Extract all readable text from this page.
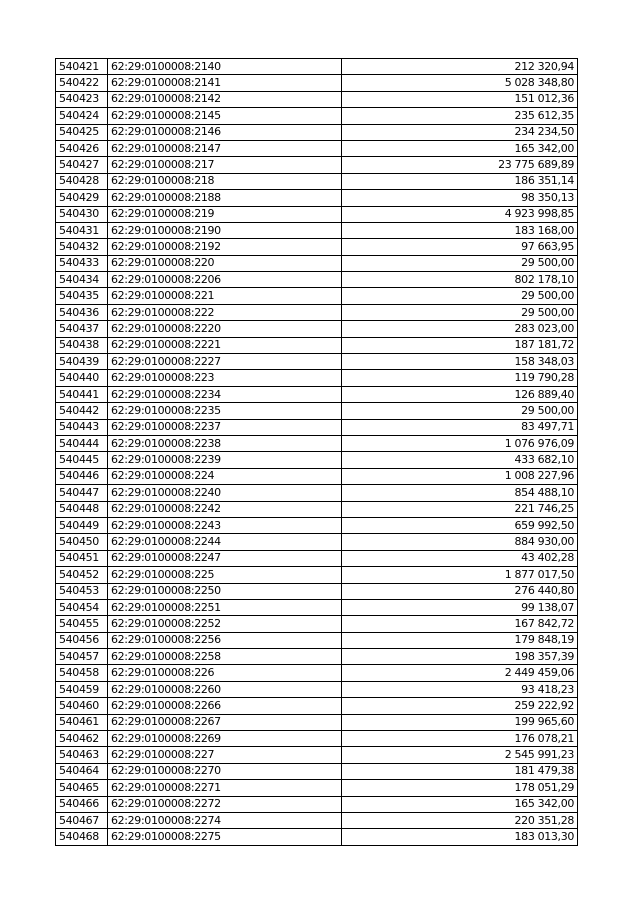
540421	62:29:0100008:2140	212 320,94
540422	62:29:0100008:2141	5 028 348,80
540423	62:29:0100008:2142	151 012,36
540424	62:29:0100008:2145	235 612,35
540425	62:29:0100008:2146	234 234,50
540426	62:29:0100008:2147	165 342,00
540427	62:29:0100008:217	23 775 689,89
540428	62:29:0100008:218	186 351,14
540429	62:29:0100008:2188	98 350,13
540430	62:29:0100008:219	4 923 998,85
540431	62:29:0100008:2190	183 168,00
540432	62:29:0100008:2192	97 663,95
540433	62:29:0100008:220	29 500,00
540434	62:29:0100008:2206	802 178,10
540435	62:29:0100008:221	29 500,00
540436	62:29:0100008:222	29 500,00
540437	62:29:0100008:2220	283 023,00
540438	62:29:0100008:2221	187 181,72
540439	62:29:0100008:2227	158 348,03
540440	62:29:0100008:223	119 790,28
540441	62:29:0100008:2234	126 889,40
540442	62:29:0100008:2235	29 500,00
540443	62:29:0100008:2237	83 497,71
540444	62:29:0100008:2238	1 076 976,09
540445	62:29:0100008:2239	433 682,10
540446	62:29:0100008:224	1 008 227,96
540447	62:29:0100008:2240	854 488,10
540448	62:29:0100008:2242	221 746,25
540449	62:29:0100008:2243	659 992,50
540450	62:29:0100008:2244	884 930,00
540451	62:29:0100008:2247	43 402,28
540452	62:29:0100008:225	1 877 017,50
540453	62:29:0100008:2250	276 440,80
540454	62:29:0100008:2251	99 138,07
540455	62:29:0100008:2252	167 842,72
540456	62:29:0100008:2256	179 848,19
540457	62:29:0100008:2258	198 357,39
540458	62:29:0100008:226	2 449 459,06
540459	62:29:0100008:2260	93 418,23
540460	62:29:0100008:2266	259 222,92
540461	62:29:0100008:2267	199 965,60
540462	62:29:0100008:2269	176 078,21
540463	62:29:0100008:227	2 545 991,23
540464	62:29:0100008:2270	181 479,38
540465	62:29:0100008:2271	178 051,29
540466	62:29:0100008:2272	165 342,00
540467	62:29:0100008:2274	220 351,28
540468	62:29:0100008:2275	183 013,30
